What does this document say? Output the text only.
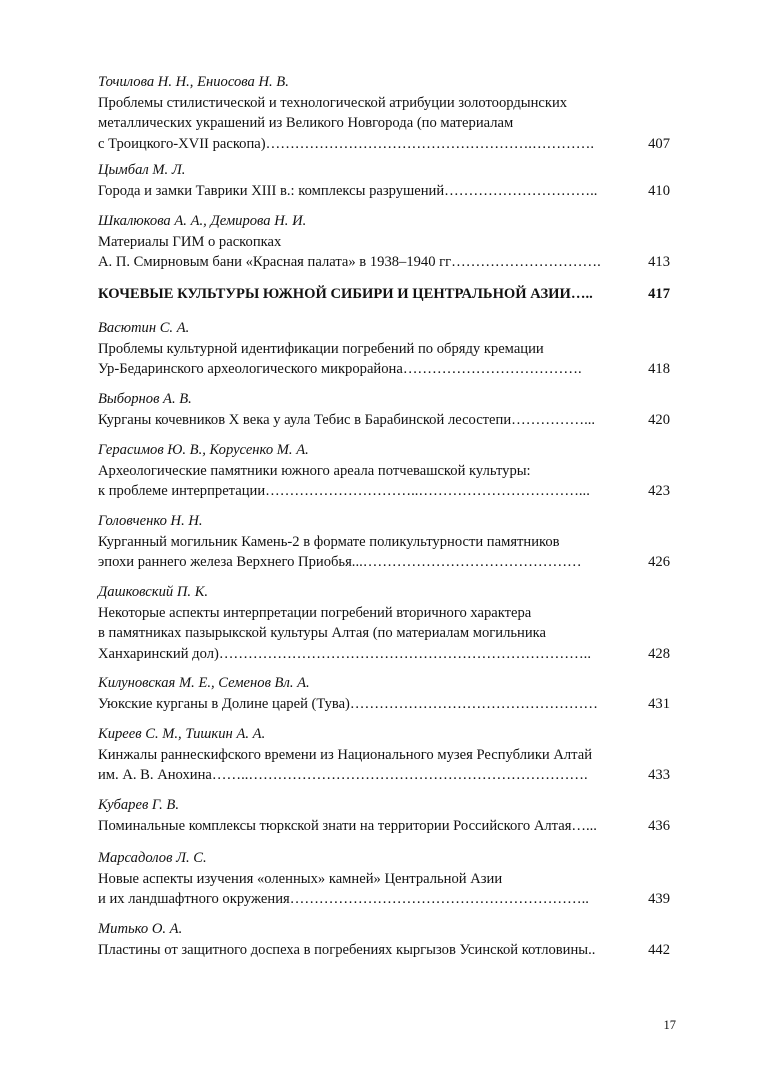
Точилова Н. Н., Ениосова Н. В.
Проблемы стилистической и технологической атрибуции золотоордынских
металлических украшений из Великого Новгорода (по материалам
с Троицкого-XVII раскопа)……………………………………………….………….	407
Цымбал М. Л.
Города и замки Таврики XIII в.: комплексы разрушений…………………………..	410
Шкалюкова А. А., Демирова Н. И.
Материалы ГИМ о раскопках
А. П. Смирновым бани «Красная палата» в 1938–1940 гг………………………….	413
КОЧЕВЫЕ КУЛЬТУРЫ ЮЖНОЙ СИБИРИ И ЦЕНТРАЛЬНОЙ АЗИИ…..	417
Васютин С. А.
Проблемы культурной идентификации погребений по обряду кремации
Ур-Бедаринского археологического микрорайона……………………………….	418
Выборнов А. В.
Курганы кочевников X века у аула Тебис в Барабинской лесостепи……………...	420
Герасимов Ю. В., Корусенко М. А.
Археологические памятники южного ареала потчевашской культуры:
к проблеме интерпретации…………………………..……………………………...	423
Головченко Н. Н.
Курганный могильник Камень-2 в формате поликультурности памятников
эпохи раннего железа Верхнего Приобья...………………………………………	426
Дашковский П. К.
Некоторые аспекты интерпретации погребений вторичного характера
в памятниках пазырыкской культуры Алтая (по материалам могильника
Ханхаринский дол)…………………………………………………………………..	428
Килуновская М. Е., Семенов Вл. А.
Уюкские курганы в Долине царей (Тува)……………………………………………	431
Киреев С. М., Тишкин А. А.
Кинжалы раннескифского времени из Национального музея Республики Алтай
им. А. В. Анохина……..…………………………………………………………….	433
Кубарев Г. В.
Поминальные комплексы тюркской знати на территории Российского Алтая…...	436
Марсадолов Л. С.
Новые аспекты изучения «оленных» камней» Центральной Азии
и их ландшафтного окружения……………………………………………………..	439
Митько О. А.
Пластины от защитного доспеха в погребениях кыргызов Усинской котловины..	442
17
